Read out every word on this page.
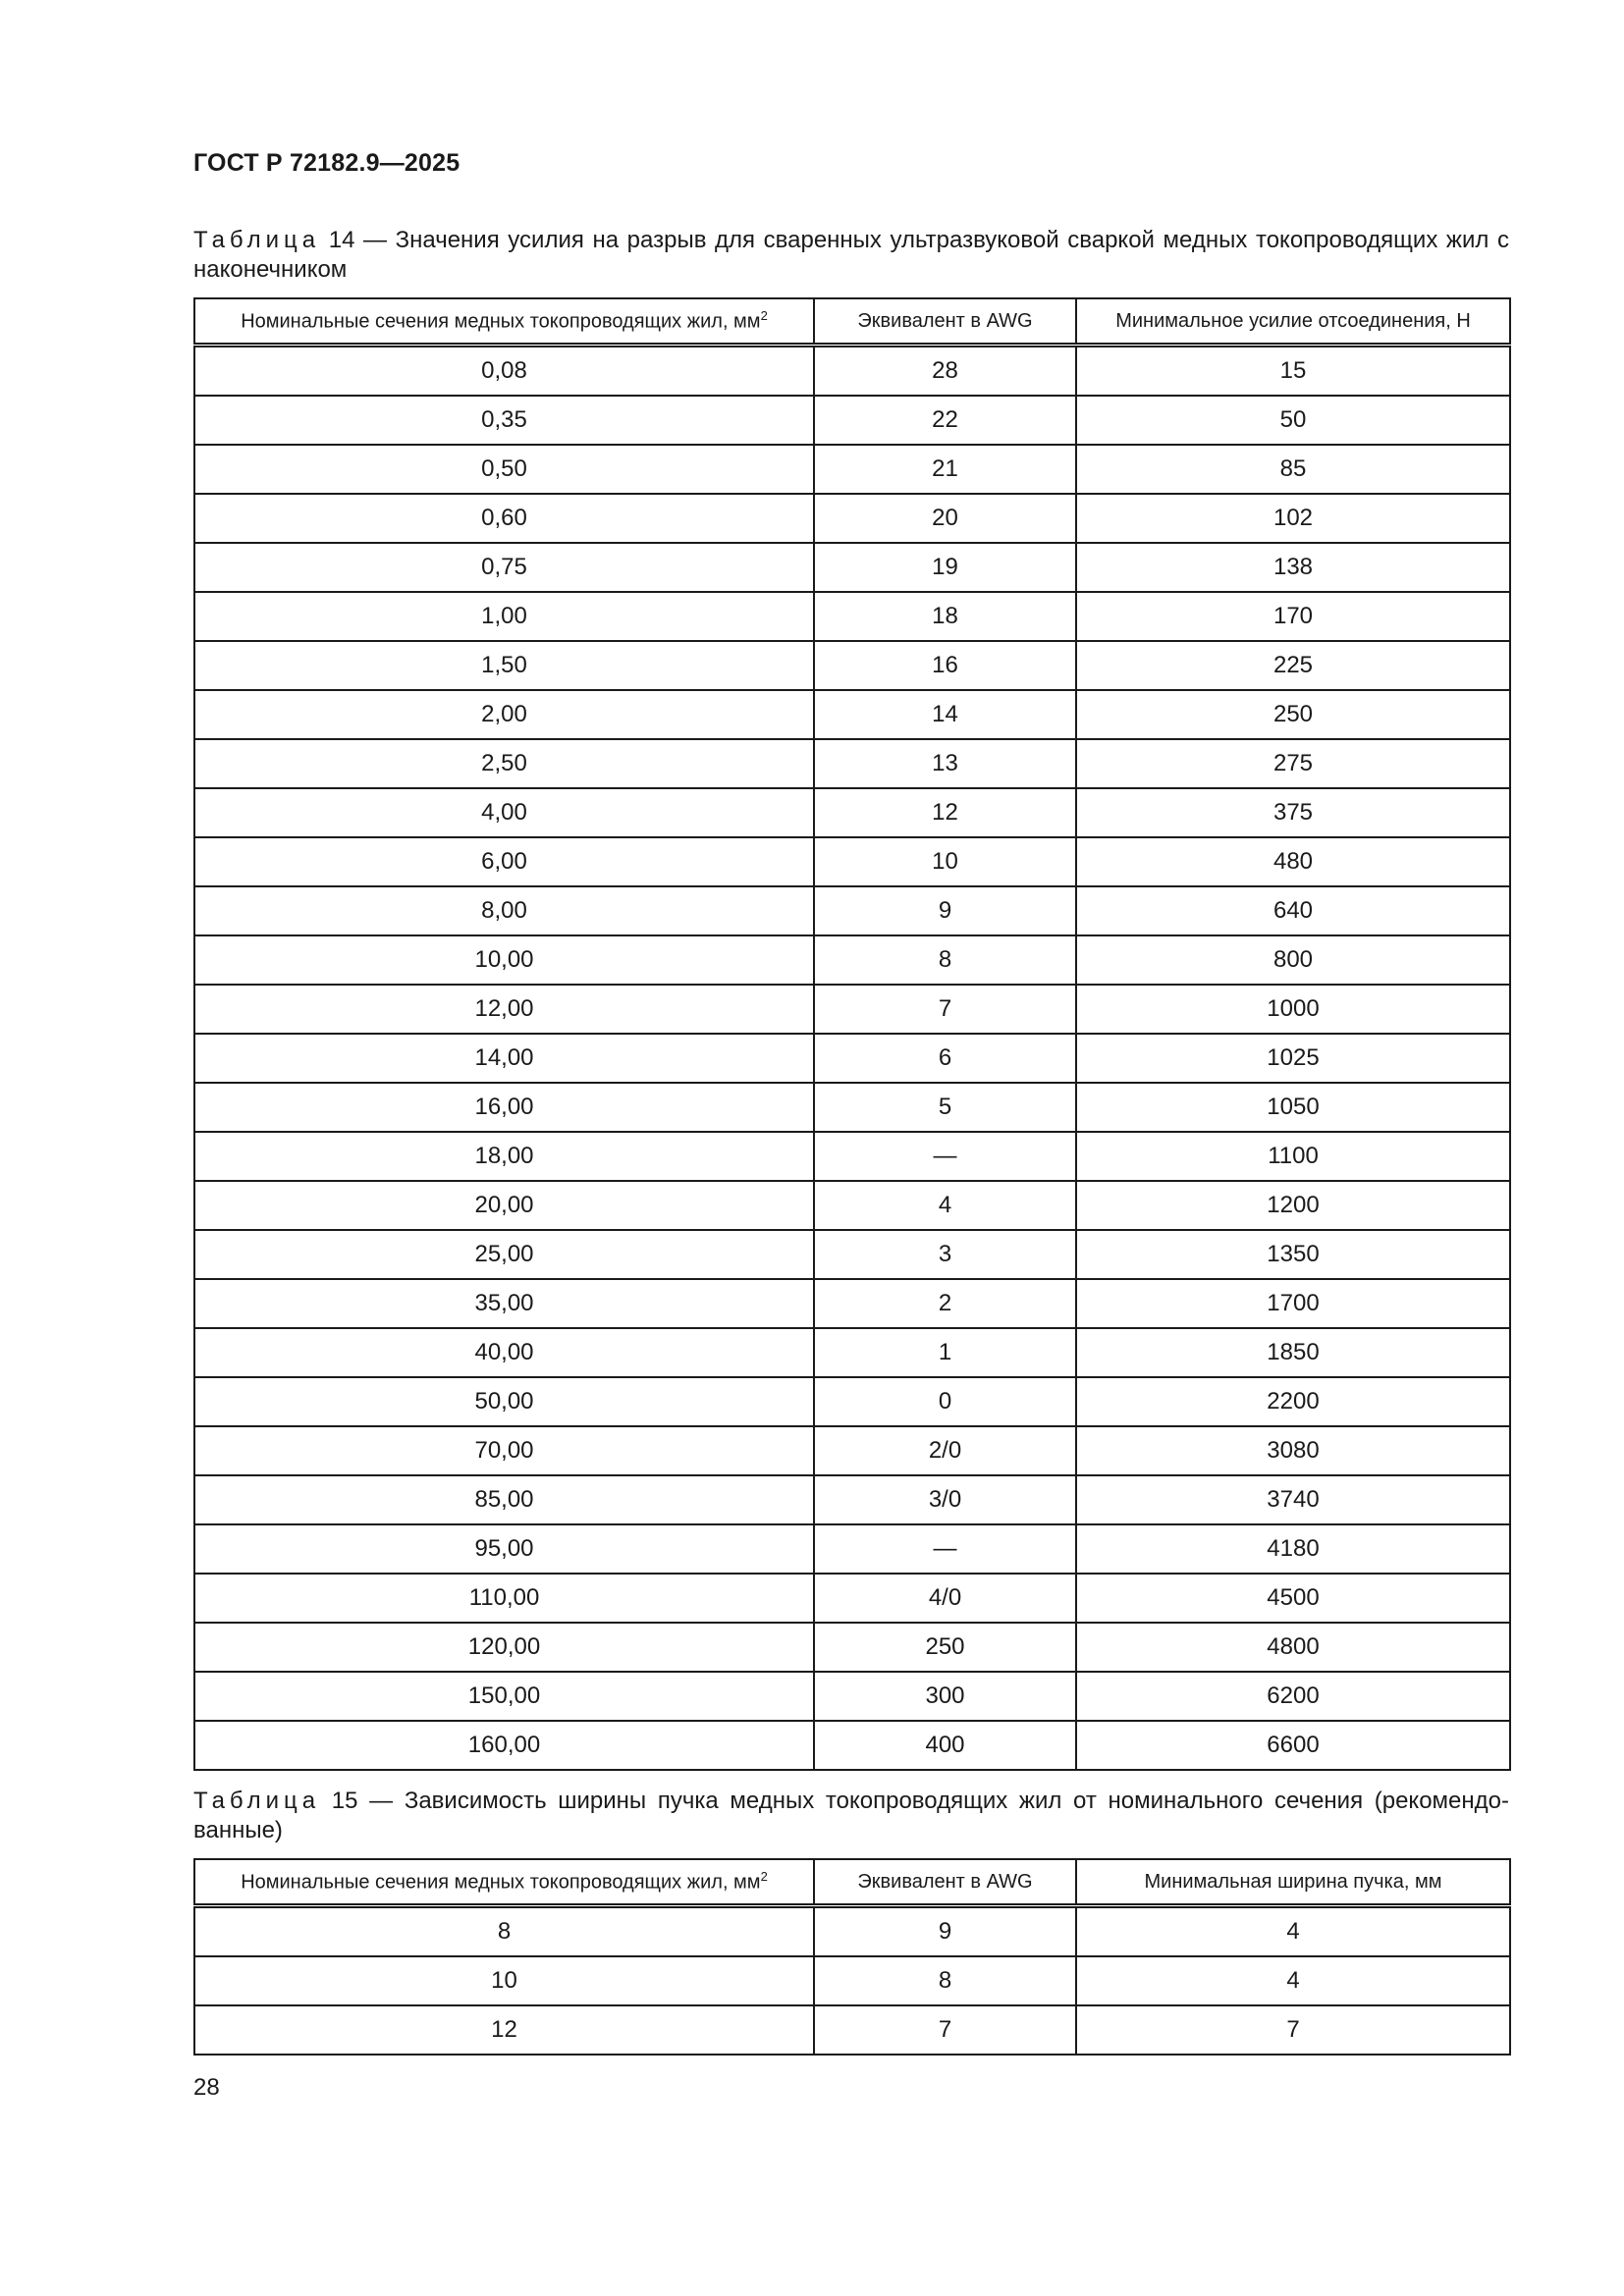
ГОСТ Р 72182.9—2025
Таблица 14 — Значения усилия на разрыв для сваренных ультразвуковой сваркой медных токопроводящих жил с наконечником
Номинальные сечения медных токопроводящих жил, $мм^2$	Эквивалент в AWG	Минимальное усилие отсоединения, Н
0,08	28	15
0,35	22	50
0,50	21	85
0,60	20	102
0,75	19	138
1,00	18	170
1,50	16	225
2,00	14	250
2,50	13	275
4,00	12	375
6,00	10	480
8,00	9	640
10,00	8	800
12,00	7	1000
14,00	6	1025
16,00	5	1050
18,00	—	1100
20,00	4	1200
25,00	3	1350
35,00	2	1700
40,00	1	1850
50,00	0	2200
70,00	2/0	3080
85,00	3/0	3740
95,00	—	4180
110,00	4/0	4500
120,00	250	4800
150,00	300	6200
160,00	400	6600
Таблица 15 — Зависимость ширины пучка медных токопроводящих жил от номинального сечения (рекомендо-ванные)
Номинальные сечения медных токопроводящих жил, $мм^2$	Эквивалент в AWG	Минимальная ширина пучка, мм
8	9	4
10	8	4
12	7	7
28
